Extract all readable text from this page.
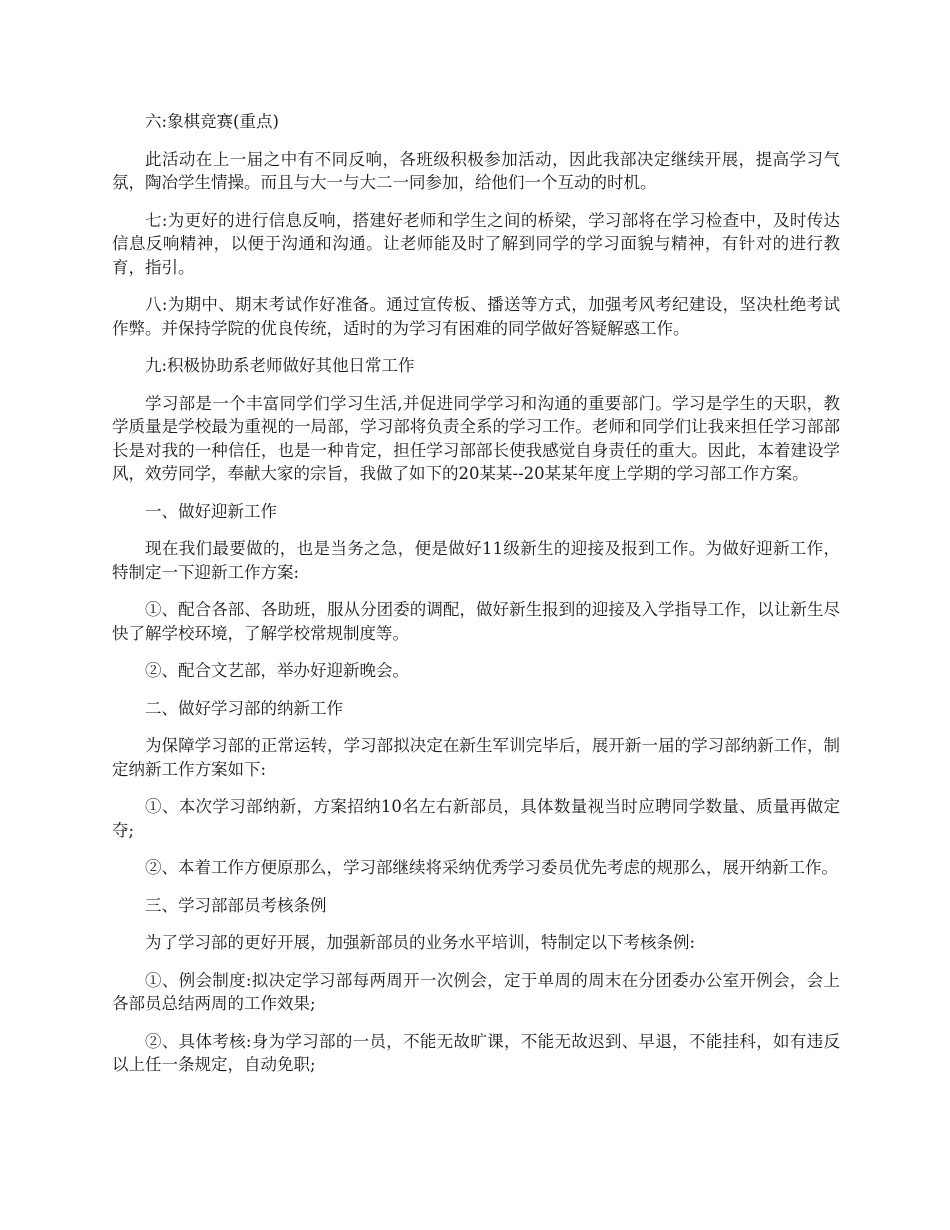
六:象棋竞赛(重点)

此活动在上一届之中有不同反响，各班级积极参加活动，因此我部决定继续开展，提高学习气氛，陶冶学生情操。而且与大一与大二一同参加，给他们一个互动的时机。

七:为更好的进行信息反响，搭建好老师和学生之间的桥梁，学习部将在学习检查中，及时传达信息反响精神，以便于沟通和沟通。让老师能及时了解到同学的学习面貌与精神，有针对的进行教育，指引。

八:为期中、期末考试作好准备。通过宣传板、播送等方式，加强考风考纪建设，坚决杜绝考试作弊。并保持学院的优良传统，适时的为学习有困难的同学做好答疑解惑工作。

九:积极协助系老师做好其他日常工作

学习部是一个丰富同学们学习生活,并促进同学学习和沟通的重要部门。学习是学生的天职，教学质量是学校最为重视的一局部，学习部将负责全系的学习工作。老师和同学们让我来担任学习部部长是对我的一种信任，也是一种肯定，担任学习部部长使我感觉自身责任的重大。因此，本着建设学风，效劳同学，奉献大家的宗旨，我做了如下的20某某--20某某年度上学期的学习部工作方案。

一、做好迎新工作

现在我们最要做的，也是当务之急，便是做好11级新生的迎接及报到工作。为做好迎新工作，特制定一下迎新工作方案:

①、配合各部、各助班，服从分团委的调配，做好新生报到的迎接及入学指导工作，以让新生尽快了解学校环境，了解学校常规制度等。

②、配合文艺部，举办好迎新晚会。

二、做好学习部的纳新工作

为保障学习部的正常运转，学习部拟决定在新生军训完毕后，展开新一届的学习部纳新工作，制定纳新工作方案如下:

①、本次学习部纳新，方案招纳10名左右新部员，具体数量视当时应聘同学数量、质量再做定夺;

②、本着工作方便原那么，学习部继续将采纳优秀学习委员优先考虑的规那么，展开纳新工作。

三、学习部部员考核条例

为了学习部的更好开展，加强新部员的业务水平培训，特制定以下考核条例:

①、例会制度:拟决定学习部每两周开一次例会，定于单周的周末在分团委办公室开例会，会上各部员总结两周的工作效果;

②、具体考核:身为学习部的一员，不能无故旷课，不能无故迟到、早退，不能挂科，如有违反以上任一条规定，自动免职;
